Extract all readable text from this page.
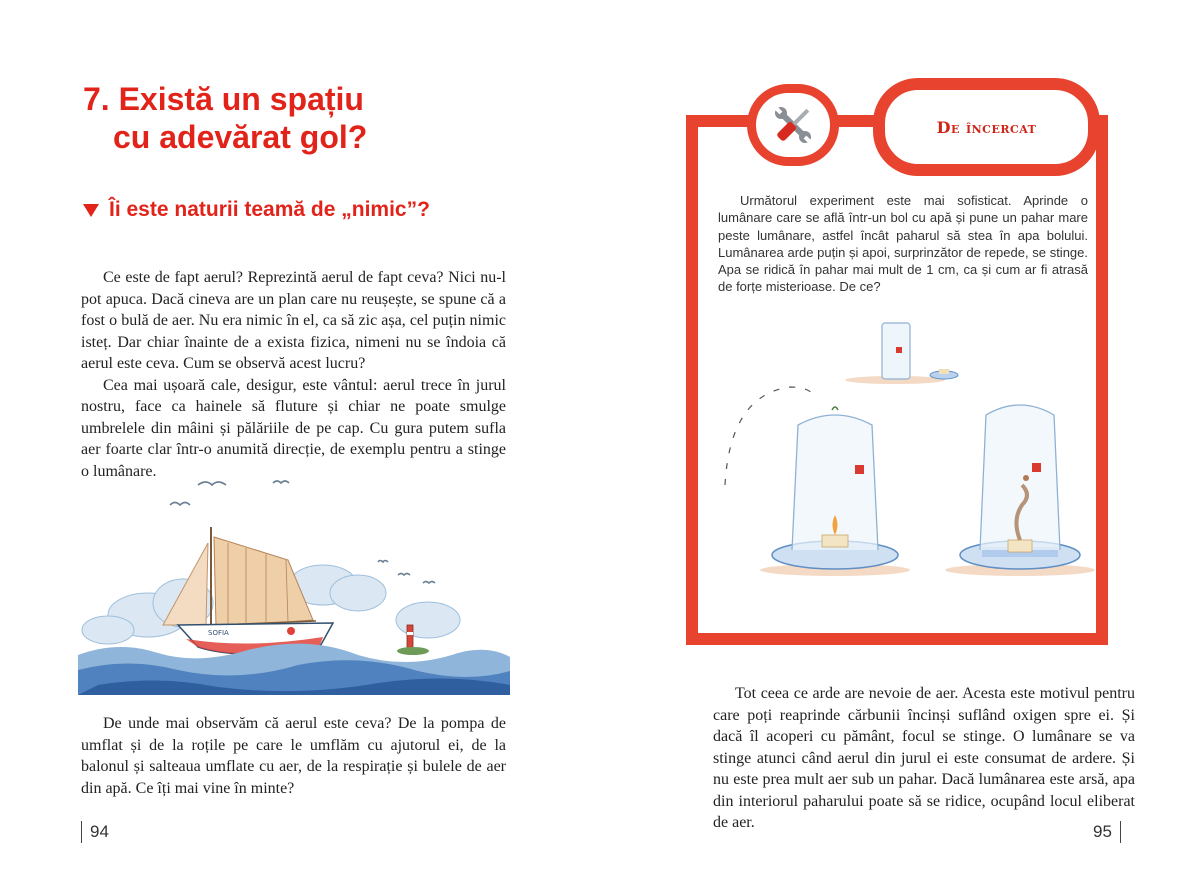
7. Există un spațiu
cu adevărat gol?
Îi este naturii teamă de „nimic”?

Ce este de fapt aerul? Reprezintă aerul de fapt ceva? Nici nu-l pot apuca. Dacă cineva are un plan care nu reușește, se spune că a fost o bulă de aer. Nu era nimic în el, ca să zic așa, cel puțin nimic isteț. Dar chiar înainte de a exista fizica, nimeni nu se îndoia că aerul este ceva. Cum se observă acest lucru?

Cea mai ușoară cale, desigur, este vântul: aerul trece în jurul nostru, face ca hainele să fluture și chiar ne poate smulge umbrelele din mâini și pălăriile de pe cap. Cu gura putem sufla aer foarte clar într-o anumită direcție, de exemplu pentru a stinge o lumânare.

SOFIA

De unde mai observăm că aerul este ceva? De la pompa de umflat și de la roțile pe care le umflăm cu ajutorul ei, de la balonul și salteaua umflate cu aer, de la respirație și bulele de aer din apă. Ce îți mai vine în minte?

94
De încercat

Următorul experiment este mai sofisticat. Aprinde o lumânare care se află într-un bol cu apă și pune un pahar mare peste lumânare, astfel încât paharul să stea în apa bolului. Lumânarea arde puțin și apoi, surprinzător de repede, se stinge. Apa se ridică în pahar mai mult de 1 cm, ca și cum ar fi atrasă de forțe misterioase. De ce?

Tot ceea ce arde are nevoie de aer. Acesta este motivul pentru care poți reaprinde cărbunii încinși suflând oxigen spre ei. Și dacă îl acoperi cu pământ, focul se stinge. O lumânare se va stinge atunci când aerul din jurul ei este consumat de ardere. Și nu este prea mult aer sub un pahar. Dacă lumânarea este arsă, apa din interiorul paharului poate să se ridice, ocupând locul eliberat de aer.	95
